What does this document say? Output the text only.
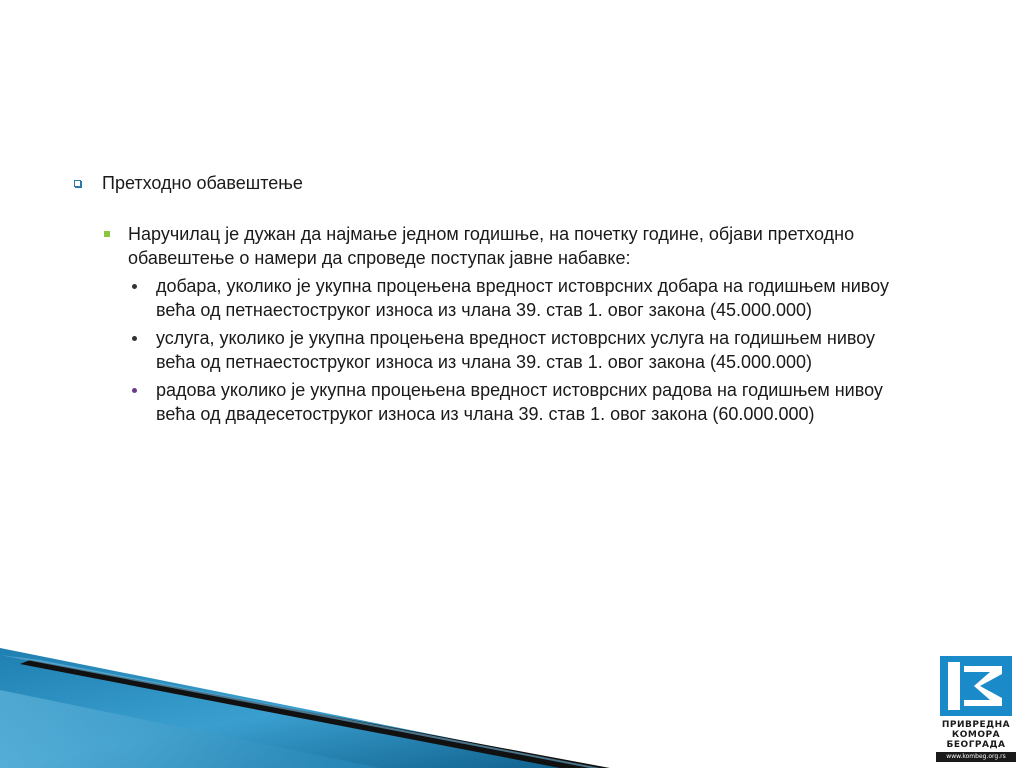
Претходно обавештење
Наручилац је дужан да најмање једном годишње, на почетку године, објави претходно обавештење о намери да спроведе поступак јавне набавке:
добара, уколико је укупна процењена вредност истоврсних добара на годишњем нивоу већа од петнаестоструког износа из члана 39. став 1. овог закона (45.000.000)
услуга, уколико је укупна процењена вредност истоврсних услуга на годишњем нивоу већа од петнаестоструког износа из члана 39. став 1. овог закона (45.000.000)
радова уколико је укупна процењена вредност истоврсних радова на годишњем нивоу већа од двадесетоструког износа из члана 39. став 1. овог закона (60.000.000)
ПРИВРЕДНА
КОМОРА
БЕОГРАДА
www.kombeg.org.rs
